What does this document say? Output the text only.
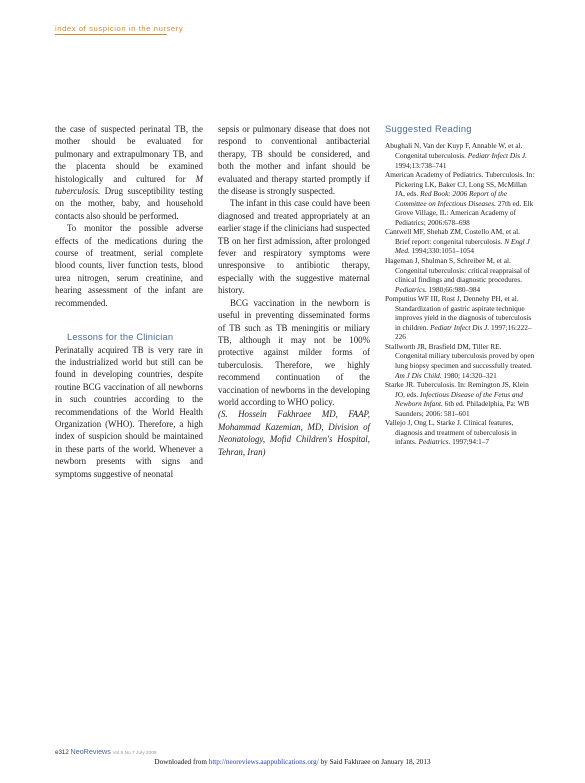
index of suspicion in the nursery

the case of suspected perinatal TB, the mother should be evaluated for pulmonary and extrapulmonary TB, and the placenta should be examined histologically and cultured for M tuberculosis. Drug susceptibility testing on the mother, baby, and household contacts also should be performed.

To monitor the possible adverse effects of the medications during the course of treatment, serial complete blood counts, liver function tests, blood urea nitrogen, serum creatinine, and hearing assessment of the infant are recommended.

Lessons for the Clinician

Perinatally acquired TB is very rare in the industrialized world but still can be found in developing countries, despite routine BCG vaccination of all newborns in such countries according to the recommendations of the World Health Organization (WHO). Therefore, a high index of suspicion should be maintained in these parts of the world. Whenever a newborn presents with signs and symptoms suggestive of neonatal

sepsis or pulmonary disease that does not respond to conventional antibacterial therapy, TB should be considered, and both the mother and infant should be evaluated and therapy started promptly if the disease is strongly suspected.

The infant in this case could have been diagnosed and treated appropriately at an earlier stage if the clinicians had suspected TB on her first admission, after prolonged fever and respiratory symptoms were unresponsive to antibiotic therapy, especially with the suggestive maternal history.

BCG vaccination in the newborn is useful in preventing disseminated forms of TB such as TB meningitis or miliary TB, although it may not be 100% protective against milder forms of tuberculosis. Therefore, we highly recommend continuation of the vaccination of newborns in the developing world according to WHO policy.

(S. Hossein Fakhraee MD, FAAP, Mohammad Kazemian, MD, Division of Neonatology, Mofid Children's Hospital, Tehran, Iran)

Suggested Reading

Abughali N, Van der Kuyp F, Annable W, et al. Congenital tuberculosis. Pediatr Infect Dis J. 1994;13:738–741

American Academy of Pediatrics. Tuberculosis. In: Pickering LK, Baker CJ, Long SS, McMillan JA, eds. Red Book: 2006 Report of the Committee on Infectious Diseases. 27th ed. Elk Grove Village, IL: American Academy of Pediatrics; 2006:678–698

Cantwell MF, Shehab ZM, Costello AM, et al. Brief report: congenital tuberculosis. N Engl J Med. 1994;330:1051–1054

Hageman J, Shulman S, Schreiber M, et al. Congenital tuberculosis: critical reappraisal of clinical findings and diagnostic procedures. Pediatrics. 1980;66:980–984

Pomputius WF III, Rost J, Dennehy PH, et al. Standardization of gastric aspirate technique improves yield in the diagnosis of tuberculosis in children. Pediatr Infect Dis J. 1997;16:222–226

Stallworth JR, Brasfield DM, Tiller RE. Congenital miliary tuberculosis proved by open lung biopsy specimen and successfully treated. Am J Dis Child. 1980; 14:320–321

Starke JR. Tuberculosis. In: Remington JS, Klein JO, eds. Infectious Disease of the Fetus and Newborn Infant. 6th ed. Philadelphia, Pa: WB Saunders; 2006: 581–601

Vallejo J, Ong L, Starke J. Clinical features, diagnosis and treatment of tuberculosis in infants. Pediatrics. 1997;94:1–7

e312 NeoReviews Vol.9 No.7 July 2008
Downloaded from http://neoreviews.aappublications.org/ by Said Fakhraee on January 18, 2013
